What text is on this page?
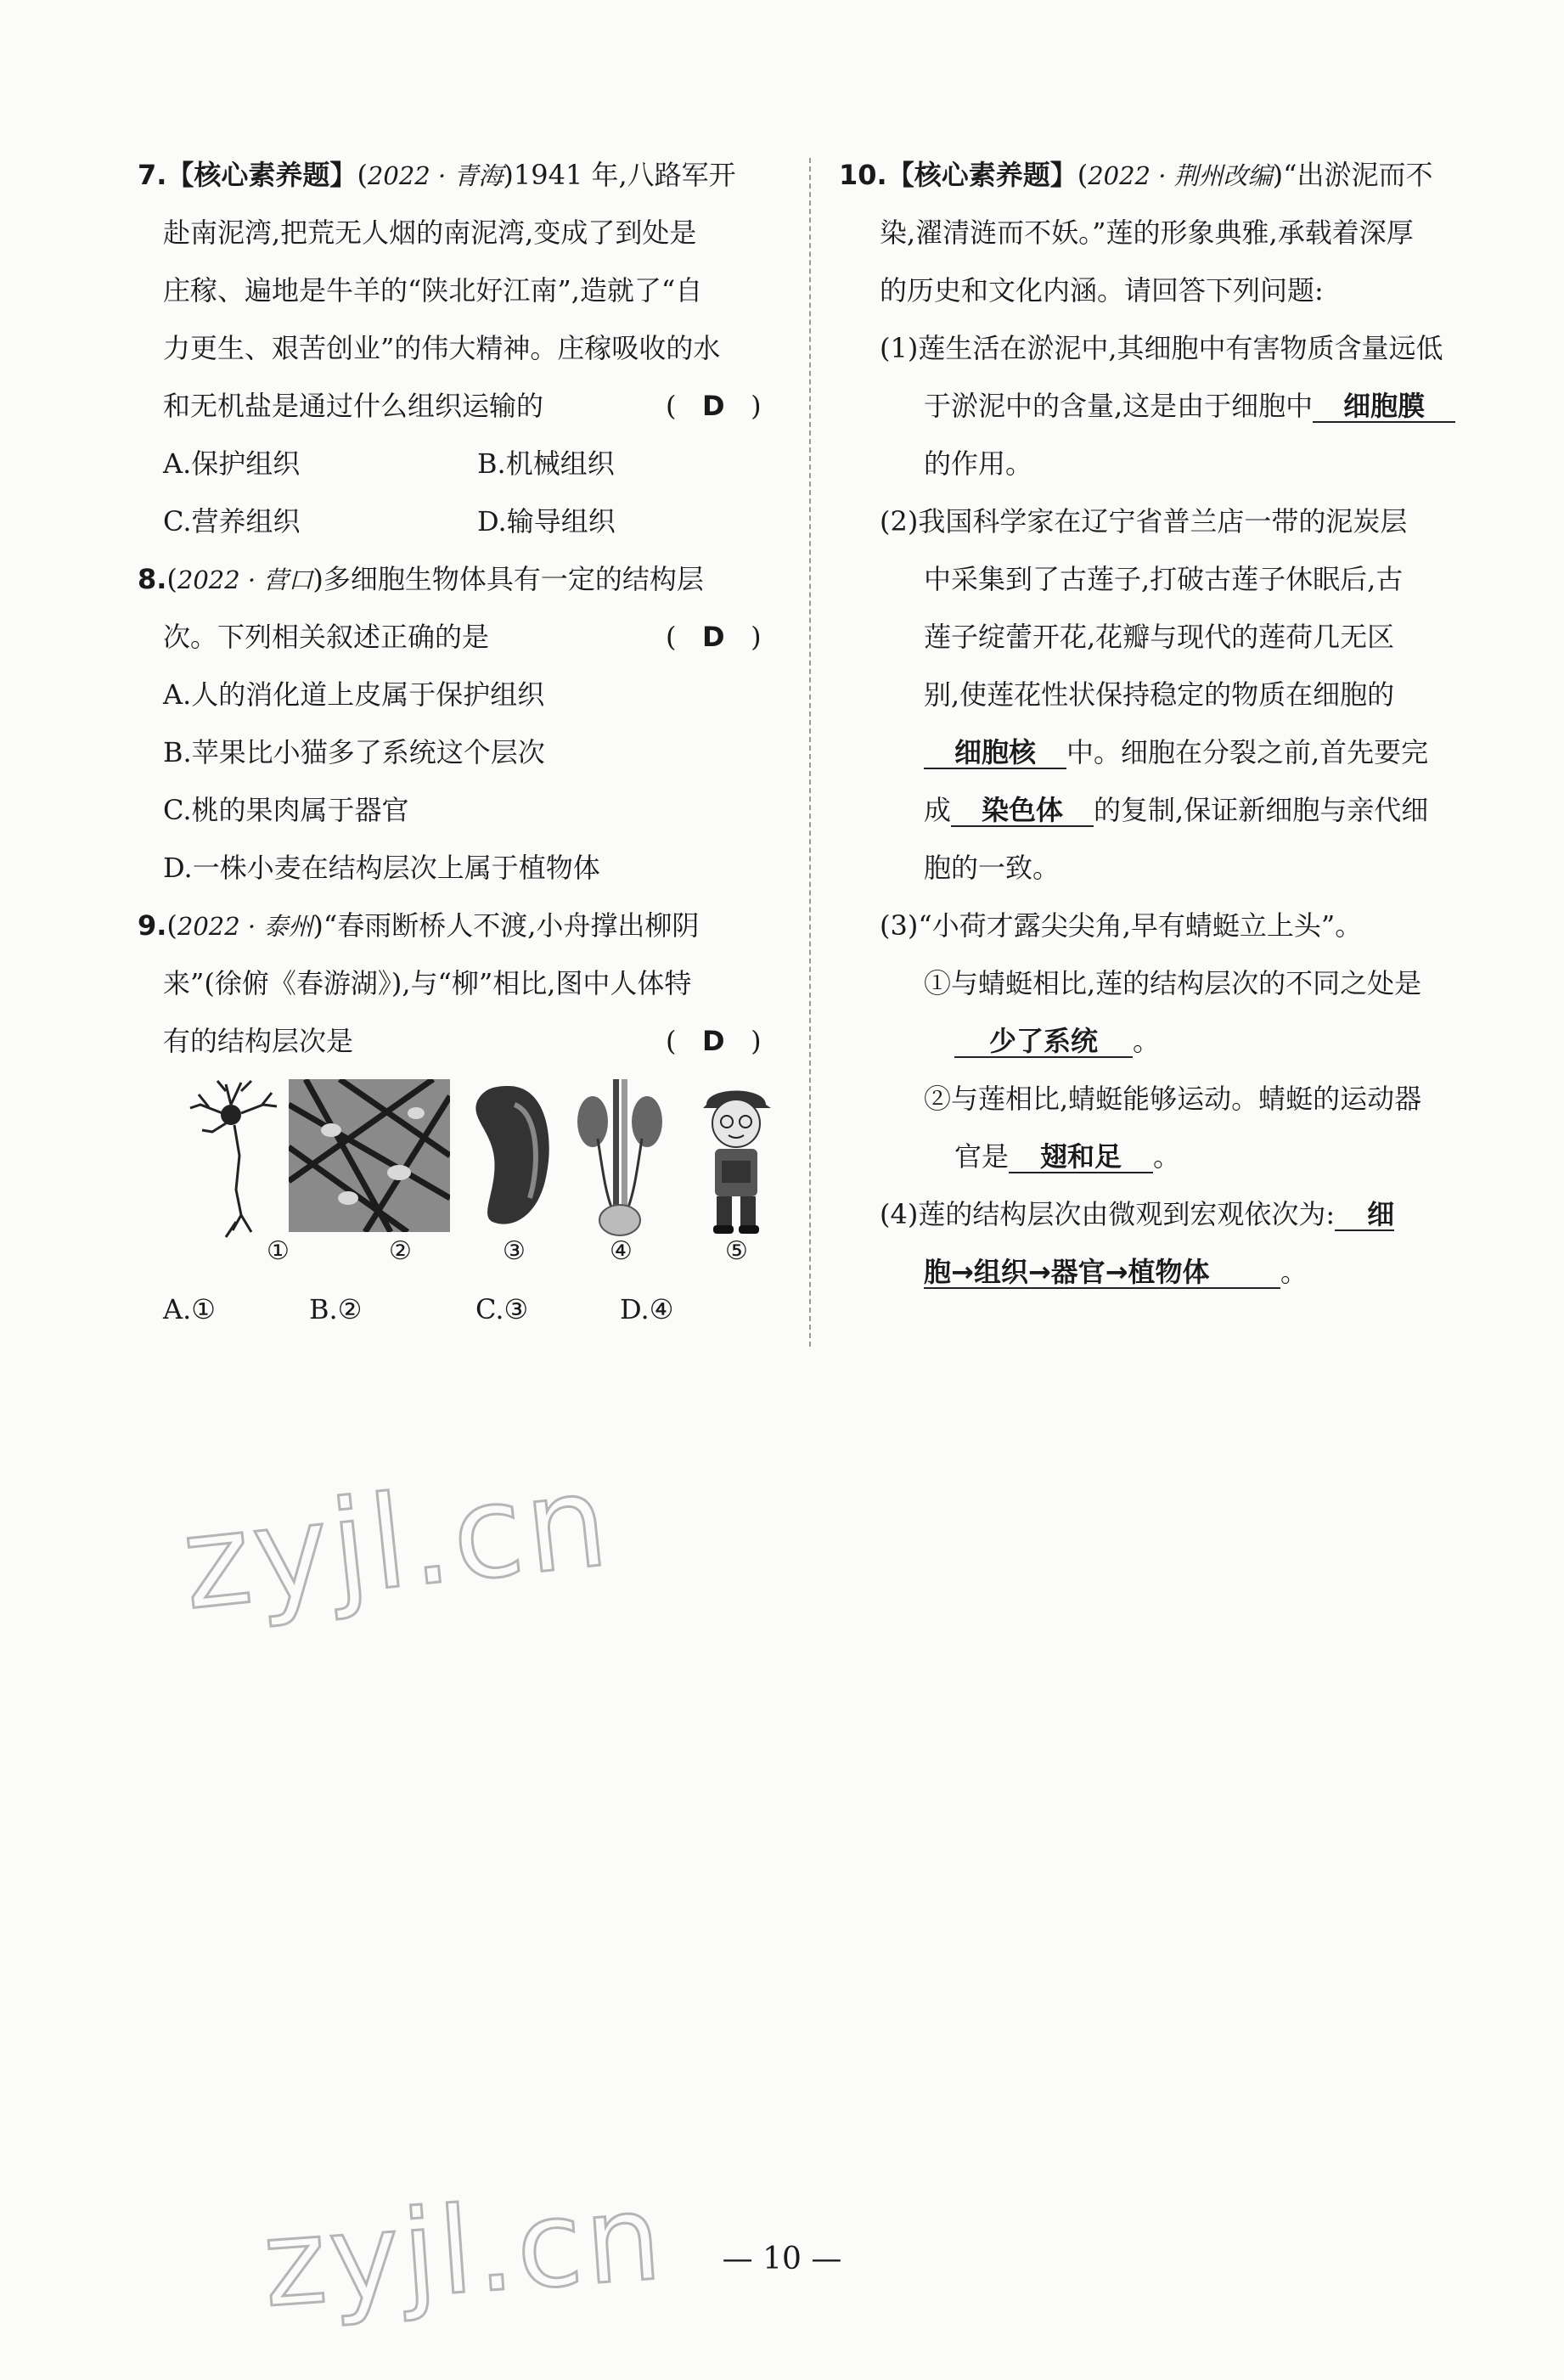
7.【核心素养题】(2022 · 青海)1941 年,八路军开
赴南泥湾,把荒无人烟的南泥湾,变成了到处是
庄稼、遍地是牛羊的“陕北好江南”,造就了“自
力更生、艰苦创业”的伟大精神。庄稼吸收的水
和无机盐是通过什么组织运输的	(   D   )
A.保护组织	B.机械组织
C.营养组织	D.输导组织
8.(2022 · 营口)多细胞生物体具有一定的结构层
次。下列相关叙述正确的是	(   D   )
A.人的消化道上皮属于保护组织
B.苹果比小猫多了系统这个层次
C.桃的果肉属于器官
D.一株小麦在结构层次上属于植物体
9.(2022 · 泰州)“春雨断桥人不渡,小舟撑出柳阴
来”(徐俯《春游湖》),与“柳”相比,图中人体特
有的结构层次是	(   D   )
①	②	③	④	⑤
A.①	B.②	C.③	D.④
10.【核心素养题】(2022 · 荆州改编)“出淤泥而不
染,濯清涟而不妖。”莲的形象典雅,承载着深厚
的历史和文化内涵。请回答下列问题:
(1)莲生活在淤泥中,其细胞中有害物质含量远低
于淤泥中的含量,这是由于细胞中 细胞膜
的作用。
(2)我国科学家在辽宁省普兰店一带的泥炭层
中采集到了古莲子,打破古莲子休眠后,古
莲子绽蕾开花,花瓣与现代的莲荷几无区
别,使莲花性状保持稳定的物质在细胞的
细胞核 中。细胞在分裂之前,首先要完
成 染色体 的复制,保证新细胞与亲代细
胞的一致。
(3)“小荷才露尖尖角,早有蜻蜓立上头”。
①与蜻蜓相比,莲的结构层次的不同之处是
少了系统 。
②与莲相比,蜻蜓能够运动。蜻蜓的运动器
官是 翅和足 。
(4)莲的结构层次由微观到宏观依次为: 细
胞→组织→器官→植物体	。
zyjl.cn
zyjl.cn	— 10 —
